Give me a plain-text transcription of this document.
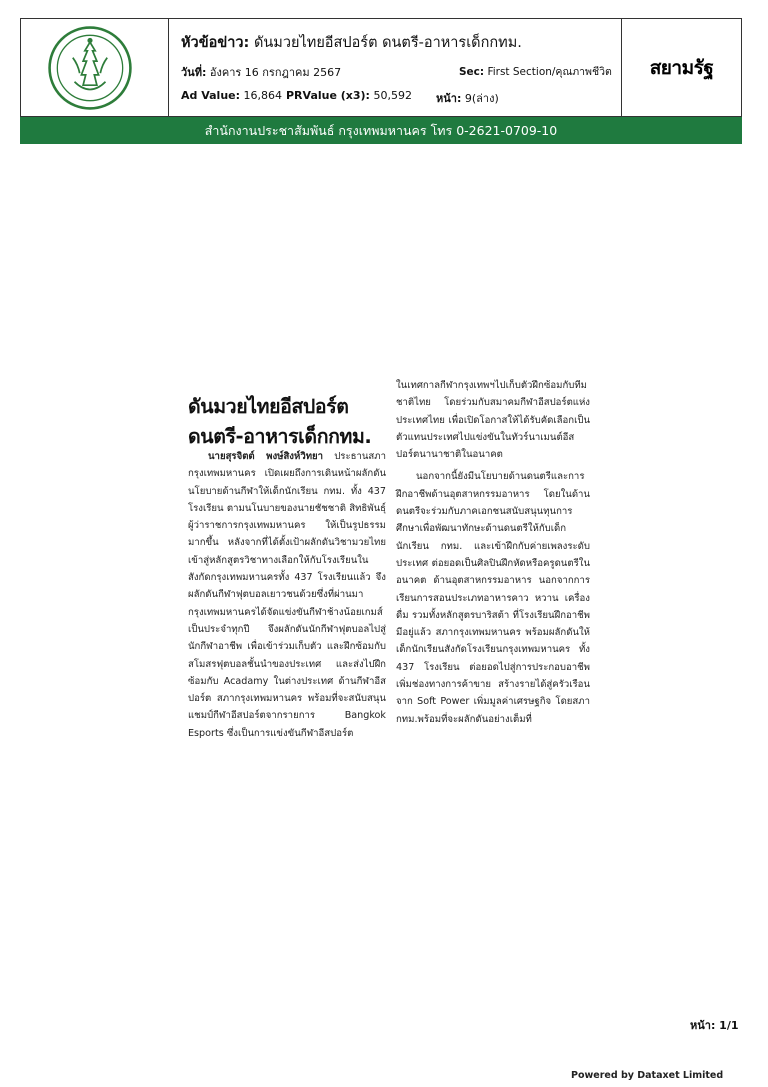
หัวข้อข่าว: ดันมวยไทยอีสปอร์ต ดนตรี-อาหารเด็กกทม.
วันที่: อังคาร 16 กรกฎาคม 2567	Sec: First Section/คุณภาพชีวิต
Ad Value: 16,864 PRValue (x3): 50,592 หน้า: 9(ล่าง)
สยามรัฐ
สำนักงานประชาสัมพันธ์ กรุงเทพมหานคร โทร 0-2621-0709-10
ดันมวยไทยอีสปอร์ต
ดนตรี-อาหารเด็กกทม.
นายสุรจิตต์ พงษ์สิงห์วิทยา ประธานสภากรุงเทพมหานคร เปิดเผยถึงการเดินหน้าผลักดันนโยบายด้านกีฬาให้เด็กนักเรียน กทม. ทั้ง 437 โรงเรียน ตามนโนบายของนายชัชชาติ สิทธิพันธุ์ ผู้ว่าราชการกรุงเทพมหานคร ให้เป็นรูปธรรมมากขึ้น หลังจากที่ได้ตั้งเป้าผลักดันวิชามวยไทยเข้าสู่หลักสูตรวิชาทางเลือกให้กับโรงเรียนในสังกัดกรุงเทพมหานครทั้ง 437 โรงเรียนแล้ว จึงผลักดันกีฬาฟุตบอลเยาวชนด้วยซึ่งที่ผ่านมากรุงเทพมหานครได้จัดแข่งขันกีฬาช้างน้อยเกมส์เป็นประจำทุกปี จึงผลักดันนักกีฬาฟุตบอลไปสู่นักกีฬาอาชีพ เพื่อเข้าร่วมเก็บตัว และฝึกซ้อมกับสโมสรฟุตบอลชั้นนำของประเทศ และส่งไปฝึกซ้อมกับ Acadamy ในต่างประเทศ ด้านกีฬาอีสปอร์ต สภากรุงเทพมหานคร พร้อมที่จะสนับสนุนแชมป์กีฬาอีสปอร์ตจากรายการ Bangkok Esports ซึ่งเป็นการแข่งขันกีฬาอีสปอร์ต
ในเทศกาลกีฬากรุงเทพฯไปเก็บตัวฝึกซ้อมกับทีมชาติไทย โดยร่วมกับสมาคมกีฬาอีสปอร์ตแห่งประเทศไทย เพื่อเปิดโอกาสให้ได้รับคัดเลือกเป็นตัวแทนประเทศไปแข่งขันในทัวร์นาเมนต์อีสปอร์ตนานาชาติในอนาคต
นอกจากนี้ยังมีนโยบายด้านดนตรีและการฝึกอาชีพด้านอุตสาหกรรมอาหาร โดยในด้านดนตรีจะร่วมกับภาคเอกชนสนับสนุนทุนการศึกษาเพื่อพัฒนาทักษะด้านดนตรีให้กับเด็กนักเรียน กทม. และเข้าฝึกกับค่ายเพลงระดับประเทศ ต่อยอดเป็นศิลปินฝึกหัดหรือครูดนตรีในอนาคต ด้านอุตสาหกรรมอาหาร นอกจากการเรียนการสอนประเภทอาหารคาว หวาน เครื่องดื่ม รวมทั้งหลักสูตรบาริสต้า ที่โรงเรียนฝึกอาชีพมีอยู่แล้ว สภากรุงเทพมหานคร พร้อมผลักดันให้เด็กนักเรียนสังกัดโรงเรียนกรุงเทพมหานคร ทั้ง 437 โรงเรียน ต่อยอดไปสู่การประกอบอาชีพ เพิ่มช่องทางการค้าขาย สร้างรายได้สู่ครัวเรือน จาก Soft Power เพิ่มมูลค่าเศรษฐกิจ โดยสภากทม.พร้อมที่จะผลักดันอย่างเต็มที่
หน้า: 1/1
Powered by Dataxet Limited
